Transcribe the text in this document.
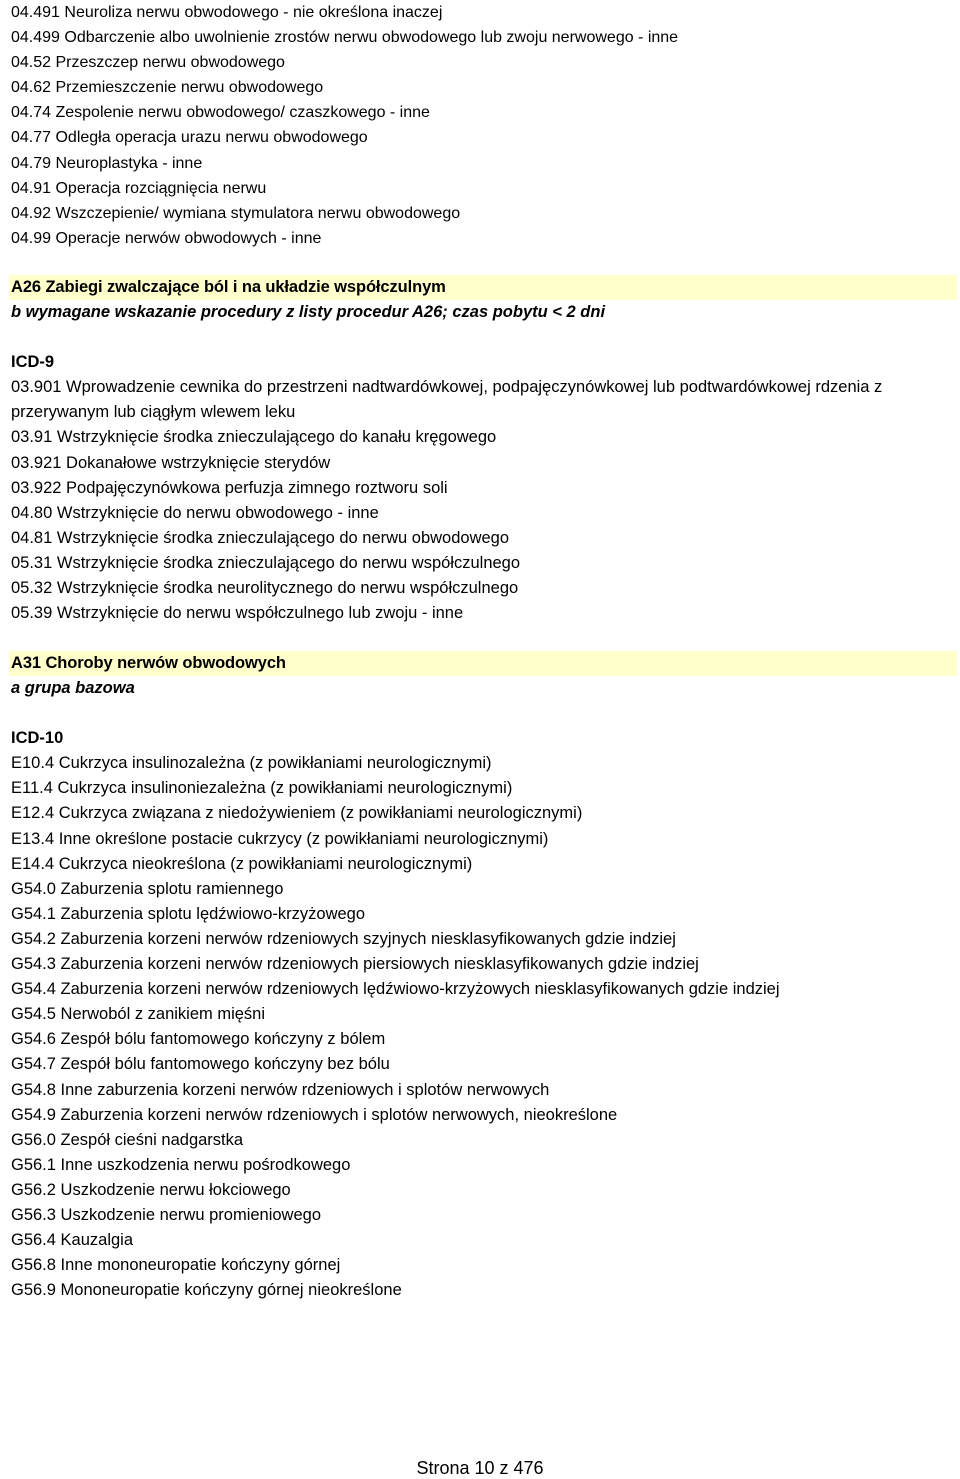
04.491 Neuroliza nerwu obwodowego - nie określona inaczej
04.499 Odbarczenie albo uwolnienie zrostów nerwu obwodowego lub zwoju nerwowego - inne
04.52 Przeszczep nerwu obwodowego
04.62 Przemieszczenie nerwu obwodowego
04.74 Zespolenie nerwu obwodowego/ czaszkowego - inne
04.77 Odległa operacja urazu nerwu obwodowego
04.79 Neuroplastyka - inne
04.91 Operacja rozciągnięcia nerwu
04.92 Wszczepienie/ wymiana stymulatora nerwu obwodowego
04.99 Operacje nerwów obwodowych - inne
A26 Zabiegi zwalczające ból i na układzie współczulnym
b wymagane wskazanie procedury z listy procedur A26; czas pobytu < 2 dni
ICD-9
03.901 Wprowadzenie cewnika do przestrzeni nadtwardówkowej, podpajęczynówkowej lub podtwardówkowej rdzenia z przerywanym lub ciągłym wlewem leku
03.91 Wstrzyknięcie środka znieczulającego do kanału kręgowego
03.921 Dokanałowe wstrzyknięcie sterydów
03.922 Podpajęczynówkowa perfuzja zimnego roztworu soli
04.80 Wstrzyknięcie do nerwu obwodowego - inne
04.81 Wstrzyknięcie środka znieczulającego do nerwu obwodowego
05.31 Wstrzyknięcie środka znieczulającego do nerwu współczulnego
05.32 Wstrzyknięcie środka neurolitycznego do nerwu współczulnego
05.39 Wstrzyknięcie do nerwu współczulnego lub zwoju - inne
A31 Choroby nerwów obwodowych
a grupa bazowa
ICD-10
E10.4 Cukrzyca insulinozależna (z powikłaniami neurologicznymi)
E11.4 Cukrzyca insulinoniezależna (z powikłaniami neurologicznymi)
E12.4 Cukrzyca związana z niedożywieniem (z powikłaniami neurologicznymi)
E13.4 Inne określone postacie cukrzycy (z powikłaniami neurologicznymi)
E14.4 Cukrzyca nieokreślona (z powikłaniami neurologicznymi)
G54.0 Zaburzenia splotu ramiennego
G54.1 Zaburzenia splotu lędźwiowo-krzyżowego
G54.2 Zaburzenia korzeni nerwów rdzeniowych szyjnych niesklasyfikowanych gdzie indziej
G54.3 Zaburzenia korzeni nerwów rdzeniowych piersiowych niesklasyfikowanych gdzie indziej
G54.4 Zaburzenia korzeni nerwów rdzeniowych lędźwiowo-krzyżowych niesklasyfikowanych gdzie indziej
G54.5 Nerwoból z zanikiem mięśni
G54.6 Zespół bólu fantomowego kończyny z bólem
G54.7 Zespół bólu fantomowego kończyny bez bólu
G54.8 Inne zaburzenia korzeni nerwów rdzeniowych i splotów nerwowych
G54.9 Zaburzenia korzeni nerwów rdzeniowych i splotów nerwowych, nieokreślone
G56.0 Zespół cieśni nadgarstka
G56.1 Inne uszkodzenia nerwu pośrodkowego
G56.2 Uszkodzenie nerwu łokciowego
G56.3 Uszkodzenie nerwu promieniowego
G56.4 Kauzalgia
G56.8 Inne mononeuropatie kończyny górnej
G56.9 Mononeuropatie kończyny górnej nieokreślone
Strona 10 z 476
